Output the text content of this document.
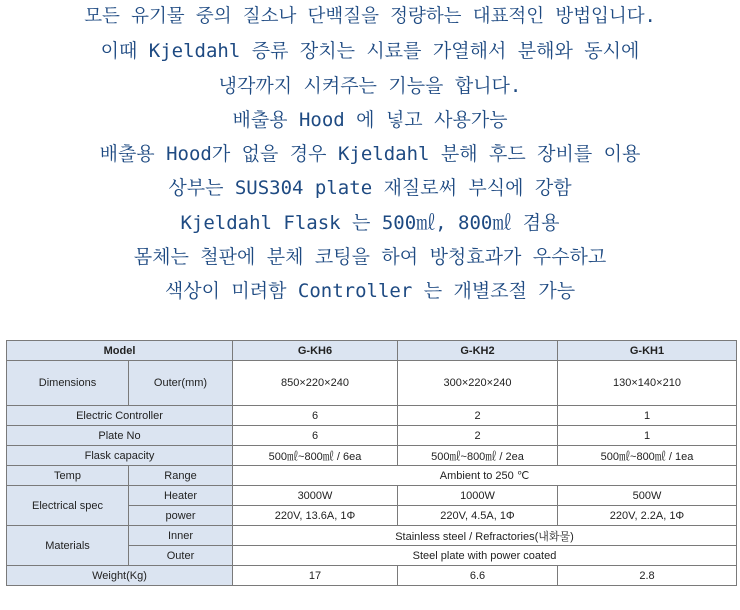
모든 유기물 중의 질소나 단백질을 정량하는 대표적인 방법입니다.
이때 Kjeldahl 증류 장치는 시료를 가열해서 분해와 동시에
냉각까지 시켜주는 기능을 합니다.
배출용 Hood 에 넣고 사용가능
배출용 Hood가 없을 경우 Kjeldahl 분해 후드 장비를 이용
상부는 SUS304 plate 재질로써 부식에 강함
Kjeldahl Flask 는 500㎖, 800㎖ 겸용
몸체는 철판에 분체 코팅을 하여 방청효과가 우수하고
색상이 미려함 Controller 는 개별조절 가능
Model		G-KH6	G-KH2	G-KH1
Dimensions	Outer(mm)	850×220×240	300×220×240	130×140×210
Electric Controller		6	2	1
Plate No		6	2	1
Flask capacity		500㎖~800㎖ / 6ea	500㎖~800㎖ / 2ea	500㎖~800㎖ / 1ea
Temp	Range	Ambient to 250 ℃		
Electrical spec	Heater	3000W	1000W	500W
	power	220V, 13.6A, 1Φ	220V, 4.5A, 1Φ	220V, 2.2A, 1Φ
Materials	Inner	Stainless steel / Refractories(내화물)		
	Outer	Steel plate with power coated		
Weight(Kg)		17	6.6	2.8
